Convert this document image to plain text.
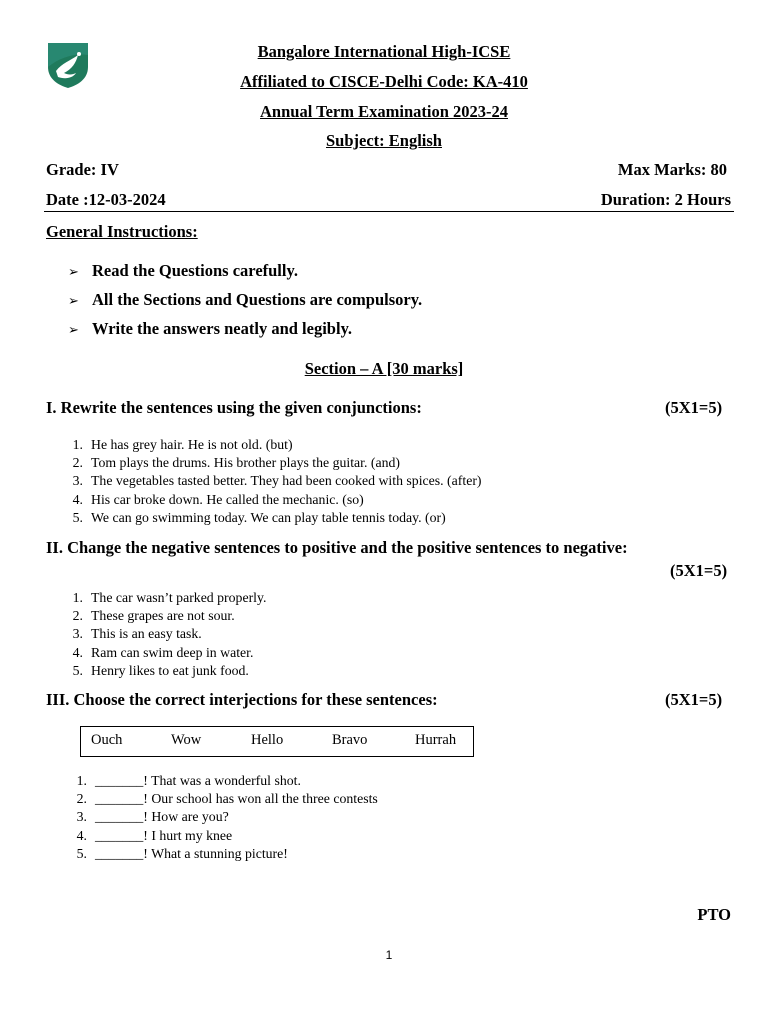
Bangalore International High-ICSE
Affiliated to CISCE-Delhi Code: KA-410
Annual Term Examination 2023-24
Subject: English
Grade: IV	Max Marks: 80
Date :12-03-2024	Duration: 2 Hours
General Instructions:
➢ Read the Questions carefully.
➢ All the Sections and Questions are compulsory.
➢ Write the answers neatly and legibly.
Section – A [30 marks]
I. Rewrite the sentences using the given conjunctions:	(5X1=5)
1. He has grey hair. He is not old. (but)
2. Tom plays the drums. His brother plays the guitar. (and)
3. The vegetables tasted better. They had been cooked with spices. (after)
4. His car broke down. He called the mechanic. (so)
5. We can go swimming today. We can play table tennis today. (or)
II. Change the negative sentences to positive and the positive sentences to negative:
(5X1=5)
1. The car wasn’t parked properly.
2. These grapes are not sour.
3. This is an easy task.
4. Ram can swim deep in water.
5. Henry likes to eat junk food.
III. Choose the correct interjections for these sentences:	(5X1=5)
Ouch	Wow	Hello	Bravo	Hurrah
1. _______! That was a wonderful shot.
2. _______! Our school has won all the three contests
3. _______! How are you?
4. _______! I hurt my knee
5. _______! What a stunning picture!
PTO
1
